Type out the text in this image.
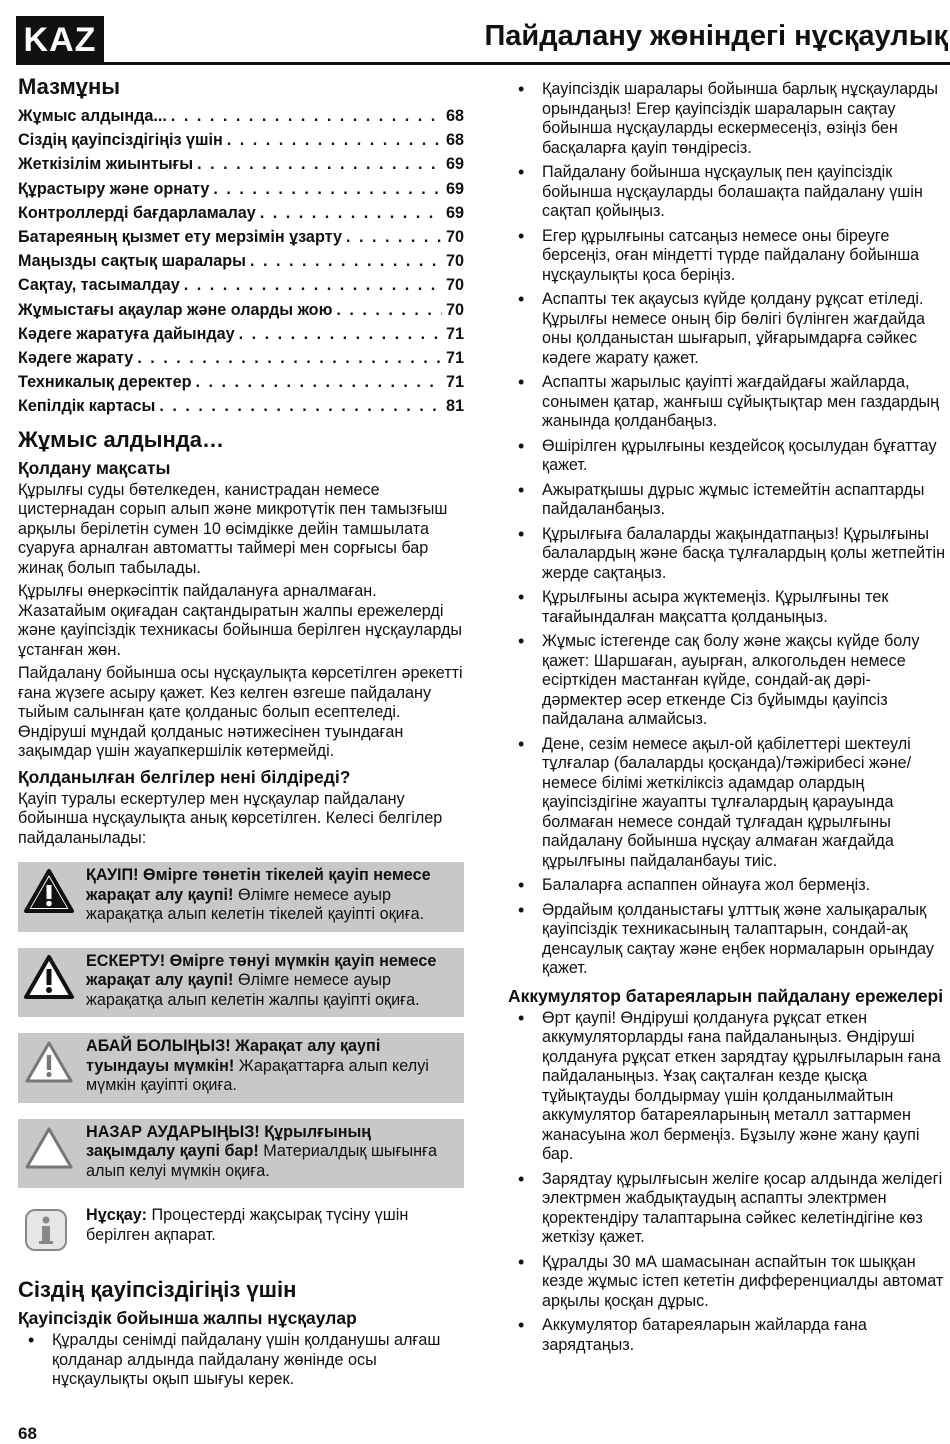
KAZ	Пайдалану жөніндегі нұсқаулық
Мазмұны
Жұмыс алдында... . . .	68
Сіздің қауіпсіздігіңіз үшін . . .	68
Жеткізілім жиынтығы . . .	69
Құрастыру және орнату . . .	69
Контроллерді бағдарламалау . . .	69
Батареяның қызмет ету мерзімін ұзарту . . .	70
Маңызды сақтық шаралары . . .	70
Сақтау, тасымалдау . . .	70
Жұмыстағы ақаулар және оларды жою . . .	70
Кәдеге жаратуға дайындау . . .	71
Кәдеге жарату . . .	71
Техникалық деректер . . .	71
Кепілдік картасы . . .	81
Жұмыс алдында…
Қолдану мақсаты

Құрылғы суды бөтелкеден, канистрадан немесе цистернадан сорып алып және микротүтік пен тамызғыш арқылы берілетін сумен 10 өсімдікке дейін тамшылата суаруға арналған автоматты таймері мен сорғысы бар жинақ болып табылады.

Құрылғы өнеркәсіптік пайдалануға арналмаған. Жазатайым оқиғадан сақтандыратын жалпы ережелерді және қауіпсіздік техникасы бойынша берілген нұсқауларды ұстанған жөн.

Пайдалану бойынша осы нұсқаулықта көрсетілген әрекетті ғана жүзеге асыру қажет. Кез келген өзгеше пайдалану тыйым салынған қате қолданыс болып есептеледі. Өндіруші мұндай қолданыс нәтижесінен туындаған зақымдар үшін жауапкершілік көтермейді.

Қолданылған белгілер нені білдіреді?

Қауіп туралы ескертулер мен нұсқаулар пайдалану бойынша нұсқаулықта анық көрсетілген. Келесі белгілер пайдаланылады:

ҚАУІП! Өмірге төнетін тікелей қауіп немесе жарақат алу қаупі! Өлімге немесе ауыр жарақатқа алып келетін тікелей қауіпті оқиға.
ЕСКЕРТУ! Өмірге төнуі мүмкін қауіп немесе жарақат алу қаупі! Өлімге немесе ауыр жарақатқа алып келетін жалпы қауіпті оқиға.
АБАЙ БОЛЫҢЫЗ! Жарақат алу қаупі туындауы мүмкін! Жарақаттарға алып келуі мүмкін қауіпті оқиға.
НАЗАР АУДАРЫҢЫЗ! Құрылғының зақымдалу қаупі бар! Материалдық шығынға алып келуі мүмкін оқиға.
Нұсқау: Процестерді жақсырақ түсіну үшін берілген ақпарат.
Сіздің қауіпсіздігіңіз үшін
Қауіпсіздік бойынша жалпы нұсқаулар
• Құралды сенімді пайдалану үшін қолданушы алғаш қолданар алдында пайдалану жөнінде осы нұсқаулықты оқып шығуы керек.
• Қауіпсіздік шаралары бойынша барлық нұсқауларды орындаңыз! Егер қауіпсіздік шараларын сақтау бойынша нұсқауларды ескермесеңіз, өзіңіз бен басқаларға қауіп төндіресіз.
• Пайдалану бойынша нұсқаулық пен қауіпсіздік бойынша нұсқауларды болашақта пайдалану үшін сақтап қойыңыз.
• Егер құрылғыны сатсаңыз немесе оны біреуге берсеңіз, оған міндетті түрде пайдалану бойынша нұсқаулықты қоса беріңіз.
• Аспапты тек ақаусыз күйде қолдану рұқсат етіледі. Құрылғы немесе оның бір бөлігі бүлінген жағдайда оны қолданыстан шығарып, ұйғарымдарға сәйкес кәдеге жарату қажет.
• Аспапты жарылыс қауіпті жағдайдағы жайларда, сонымен қатар, жанғыш сұйықтықтар мен газдардың жанында қолданбаңыз.
• Өшірілген құрылғыны кездейсоқ қосылудан бұғаттау қажет.
• Ажыратқышы дұрыс жұмыс істемейтін аспаптарды пайдаланбаңыз.
• Құрылғыға балаларды жақындатпаңыз! Құрылғыны балалардың және басқа тұлғалардың қолы жетпейтін жерде сақтаңыз.
• Құрылғыны асыра жүктемеңіз. Құрылғыны тек тағайындалған мақсатта қолданыңыз.
• Жұмыс істегенде сақ болу және жақсы күйде болу қажет: Шаршаған, ауырған, алкогольден немесе есірткіден мастанған күйде, сондай-ақ дәрі-дәрмектер әсер еткенде Сіз бұйымды қауіпсіз пайдалана алмайсыз.
• Дене, сезім немесе ақыл-ой қабілеттері шектеулі тұлғалар (балаларды қосқанда)/тәжірибесі және/немесе білімі жеткіліксіз адамдар олардың қауіпсіздігіне жауапты тұлғалардың қарауында болмаған немесе сондай тұлғадан құрылғыны пайдалану бойынша нұсқау алмаған жағдайда құрылғыны пайдаланбауы тиіс.
• Балаларға аспаппен ойнауға жол бермеңіз.
• Әрдайым қолданыстағы ұлттық және халықаралық қауіпсіздік техникасының талаптарын, сондай-ақ денсаулық сақтау және еңбек нормаларын орындау қажет.
Аккумулятор батареяларын пайдалану ережелері
• Өрт қаупі! Өндіруші қолдануға рұқсат еткен аккумуляторларды ғана пайдаланыңыз. Өндіруші қолдануға рұқсат еткен зарядтау құрылғыларын ғана пайдаланыңыз. Ұзақ сақталған кезде қысқа тұйықтауды болдырмау үшін қолданылмайтын аккумулятор батареяларының металл заттармен жанасуына жол бермеңіз. Бұзылу және жану қаупі бар.
• Зарядтау құрылғысын желіге қосар алдында желідегі электрмен жабдықтаудың аспапты электрмен қоректендіру талаптарына сәйкес келетіндігіне көз жеткізу қажет.
• Құралды 30 мА шамасынан аспайтын ток шыққан кезде жұмыс істеп кететін дифференциалды автомат арқылы қосқан дұрыс.
• Аккумулятор батареяларын жайларда ғана зарядтаңыз.
68
